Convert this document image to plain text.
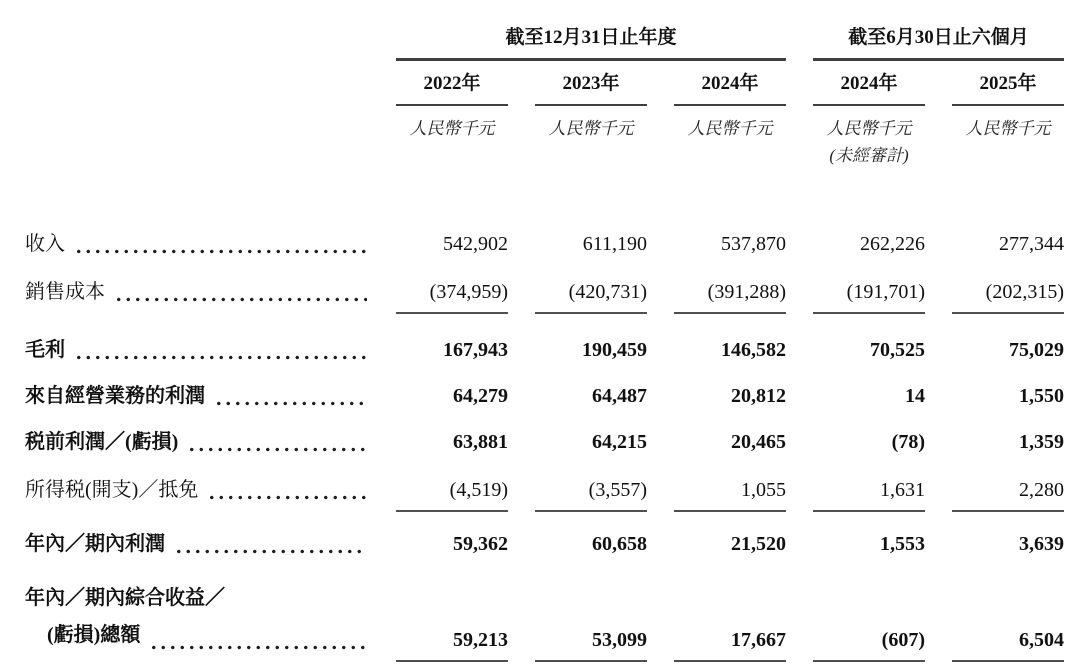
截至12月31日止年度	截至6月30日止六個月
2022年	2023年	2024年	2024年	2025年
人民幣千元	人民幣千元	人民幣千元	人民幣千元	人民幣千元
(未經審計)
收入	542,902	611,190	537,870	262,226	277,344
銷售成本	(374,959)	(420,731)	(391,288)	(191,701)	(202,315)
毛利	167,943	190,459	146,582	70,525	75,029
來自經營業務的利潤	64,279	64,487	20,812	14	1,550
税前利潤／(虧損)	63,881	64,215	20,465	(78)	1,359
所得税(開支)／抵免	(4,519)	(3,557)	1,055	1,631	2,280
年內／期內利潤	59,362	60,658	21,520	1,553	3,639
年內／期內綜合收益／
(虧損)總額	59,213	53,099	17,667	(607)	6,504
